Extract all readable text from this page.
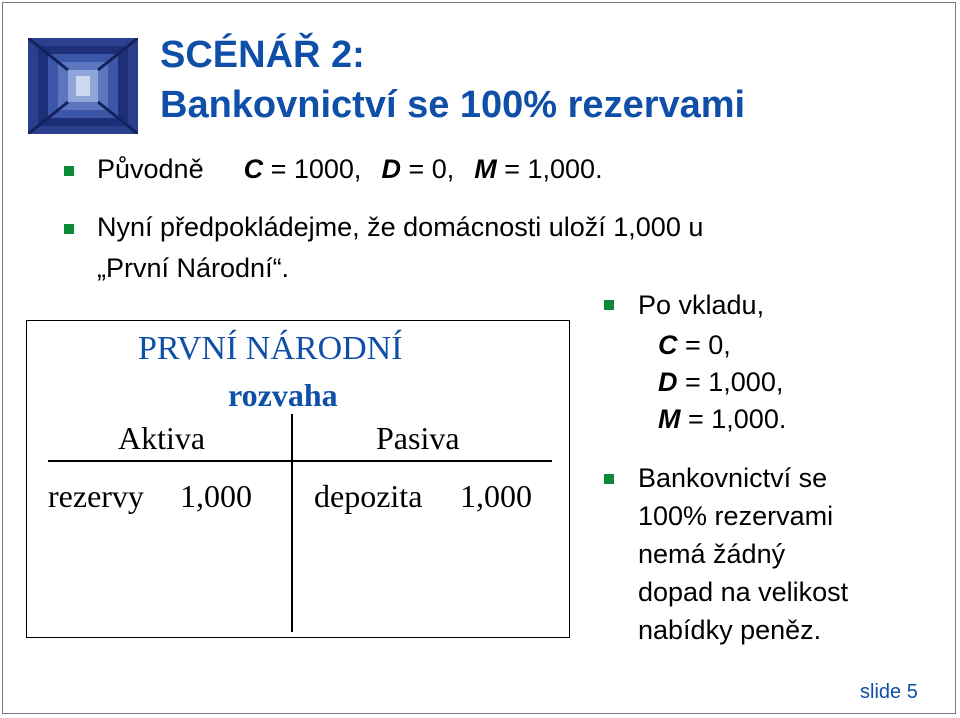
SCÉNÁŘ 2:
Bankovnictví se 100% rezervami
Původně C = 1000, D = 0, M = 1,000.
Nyní předpokládejme, že domácnosti uloží 1,000 u
„První Národní“.
PRVNÍ NÁRODNÍ
rozvaha
Aktiva	Pasiva
rezervy 1,000 depozita 1,000
Po vkladu,
C = 0,
D = 1,000,
M = 1,000.
Bankovnictví se
100% rezervami
nemá žádný
dopad na velikost
nabídky peněz.
slide 5
